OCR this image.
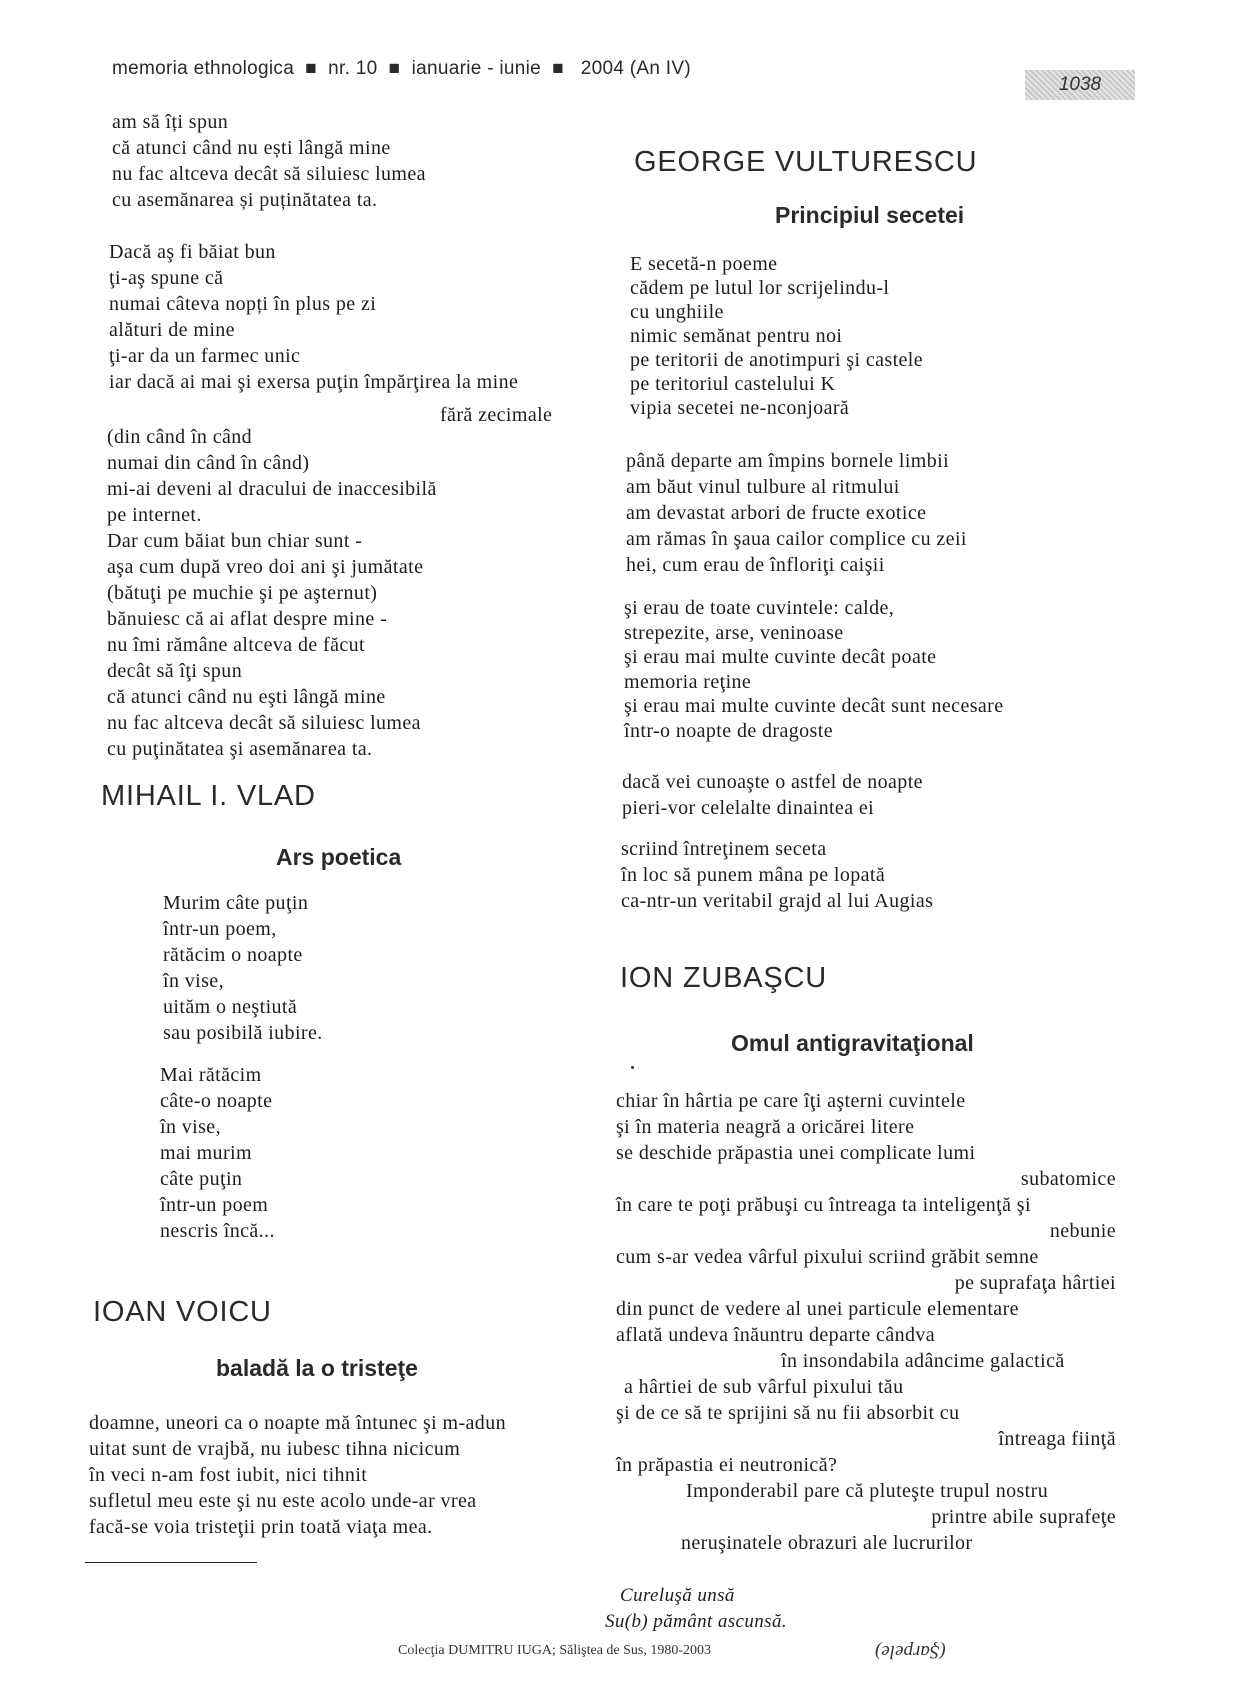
memoria ethnologica  ■  nr. 10  ■  ianuarie - iunie  ■   2004 (An IV)
1038
am să îți spun
că atunci când nu ești lângă mine
nu fac altceva decât să siluiesc lumea
cu asemănarea și puținătatea ta.
Dacă aş fi băiat bun
ţi-aş spune că
numai câteva nopți în plus pe zi
alături de mine
ţi-ar da un farmec unic
iar dacă ai mai şi exersa puţin împărţirea la mine
fără zecimale
(din când în când
numai din când în când)
mi-ai deveni al dracului de inaccesibilă
pe internet.
Dar cum băiat bun chiar sunt -
aşa cum după vreo doi ani şi jumătate
(bătuţi pe muchie şi pe aşternut)
bănuiesc că ai aflat despre mine -
nu îmi rămâne altceva de făcut
decât să îţi spun
că atunci când nu eşti lângă mine
nu fac altceva decât să siluiesc lumea
cu puţinătatea şi asemănarea ta.
MIHAIL I. VLAD
Ars poetica
Murim câte puţin
într-un poem,
rătăcim o noapte
în vise,
uităm o neştiută
sau posibilă iubire.
Mai rătăcim
câte-o noapte
în vise,
mai murim
câte puţin
într-un poem
nescris încă...
IOAN VOICU
baladă la o tristeţe
doamne, uneori ca o noapte mă întunec şi m-adun
uitat sunt de vrajbă, nu iubesc tihna nicicum
în veci n-am fost iubit, nici tihnit
sufletul meu este şi nu este acolo unde-ar vrea
facă-se voia tristeţii prin toată viaţa mea.
GEORGE VULTURESCU
Principiul secetei
E secetă-n poeme
cădem pe lutul lor scrijelindu-l
cu unghiile
nimic semănat pentru noi
pe teritorii de anotimpuri şi castele
pe teritoriul castelului K
vipia secetei ne-nconjoară
până departe am împins bornele limbii
am băut vinul tulbure al ritmului
am devastat arbori de fructe exotice
am rămas în şaua cailor complice cu zeii
hei, cum erau de înfloriţi caişii
şi erau de toate cuvintele: calde,
strepezite, arse, veninoase
şi erau mai multe cuvinte decât poate
memoria reţine
şi erau mai multe cuvinte decât sunt necesare
într-o noapte de dragoste
dacă vei cunoaşte o astfel de noapte
pieri-vor celelalte dinaintea ei
scriind întreţinem seceta
în loc să punem mâna pe lopată
ca-ntr-un veritabil grajd al lui Augias
ION ZUBAŞCU
Omul antigravitaţional
chiar în hârtia pe care îţi aşterni cuvintele
şi în materia neagră a oricărei litere
se deschide prăpastia unei complicate lumi
subatomice
în care te poţi prăbuşi cu întreaga ta inteligenţă şi
nebunie
cum s-ar vedea vârful pixului scriind grăbit semne
pe suprafaţa hârtiei
din punct de vedere al unei particule elementare
aflată undeva înăuntru departe cândva
în insondabila adâncime galactică
a hârtiei de sub vârful pixului tău
şi de ce să te sprijini să nu fii absorbit cu
întreaga fiinţă
în prăpastia ei neutronică?
Imponderabil pare că pluteşte trupul nostru
printre abile suprafeţe
neruşinatele obrazuri ale lucrurilor
Cureluşă unsă
Su(b) pământ ascunsă.
(Şarpele)
Colecţia DUMITRU IUGA; Săliştea de Sus, 1980-2003
